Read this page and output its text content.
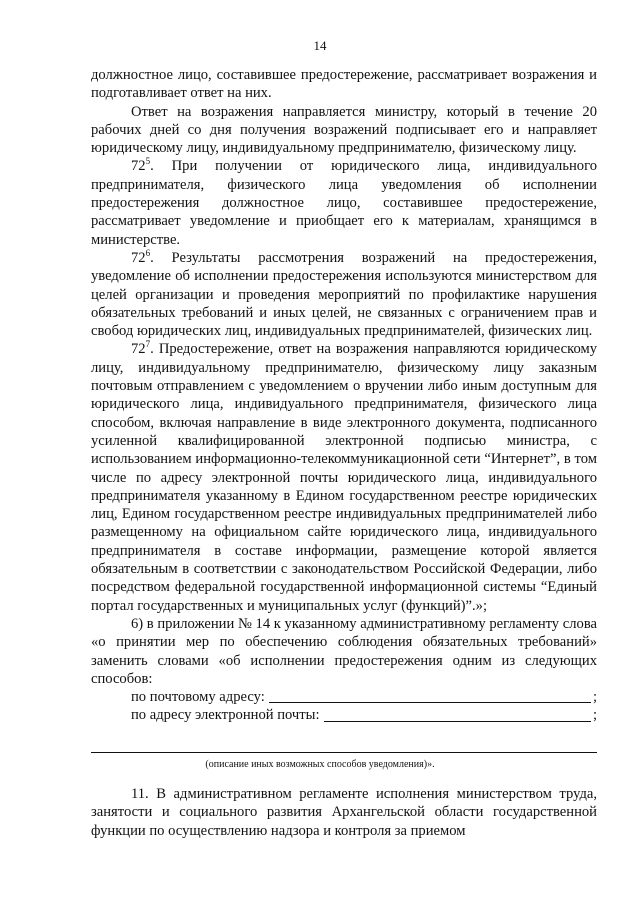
14

должностное лицо, составившее предостережение, рассматривает возражения и подготавливает ответ на них.

Ответ на возражения направляется министру, который в течение 20 рабочих дней со дня получения возражений подписывает его и направляет юридическому лицу, индивидуальному предпринимателю, физическому лицу.

$72^5$. При получении от юридического лица, индивидуального предпринимателя, физического лица уведомления об исполнении предостережения должностное лицо, составившее предостережение, рассматривает уведомление и приобщает его к материалам, хранящимся в министерстве.

$72^6$. Результаты рассмотрения возражений на предостережения, уведомление об исполнении предостережения используются министерством для целей организации и проведения мероприятий по профилактике нарушения обязательных требований и иных целей, не связанных с ограничением прав и свобод юридических лиц, индивидуальных предпринимателей, физических лиц.

$72^7$. Предостережение, ответ на возражения направляются юридическому лицу, индивидуальному предпринимателю, физическому лицу заказным почтовым отправлением с уведомлением о вручении либо иным доступным для юридического лица, индивидуального предпринимателя, физического лица способом, включая направление в виде электронного документа, подписанного усиленной квалифицированной электронной подписью министра, с использованием информационно-телекоммуникационной сети “Интернет”, в том числе по адресу электронной почты юридического лица, индивидуального предпринимателя указанному в Едином государственном реестре юридических лиц, Едином государственном реестре индивидуальных предпринимателей либо размещенному на официальном сайте юридического лица, индивидуального предпринимателя в составе информации, размещение которой является обязательным в соответствии с законодательством Российской Федерации, либо посредством федеральной государственной информационной системы “Единый портал государственных и муниципальных услуг (функций)”.»;

6) в приложении № 14 к указанному административному регламенту слова «о принятии мер по обеспечению соблюдения обязательных требований» заменить словами «об исполнении предостережения одним из следующих способов:

по почтовому адресу:	;
по адресу электронной почты:	;
(описание иных возможных способов уведомления)».

11. В административном регламенте исполнения министерством труда, занятости и социального развития Архангельской области государственной функции по осуществлению надзора и контроля за приемом
